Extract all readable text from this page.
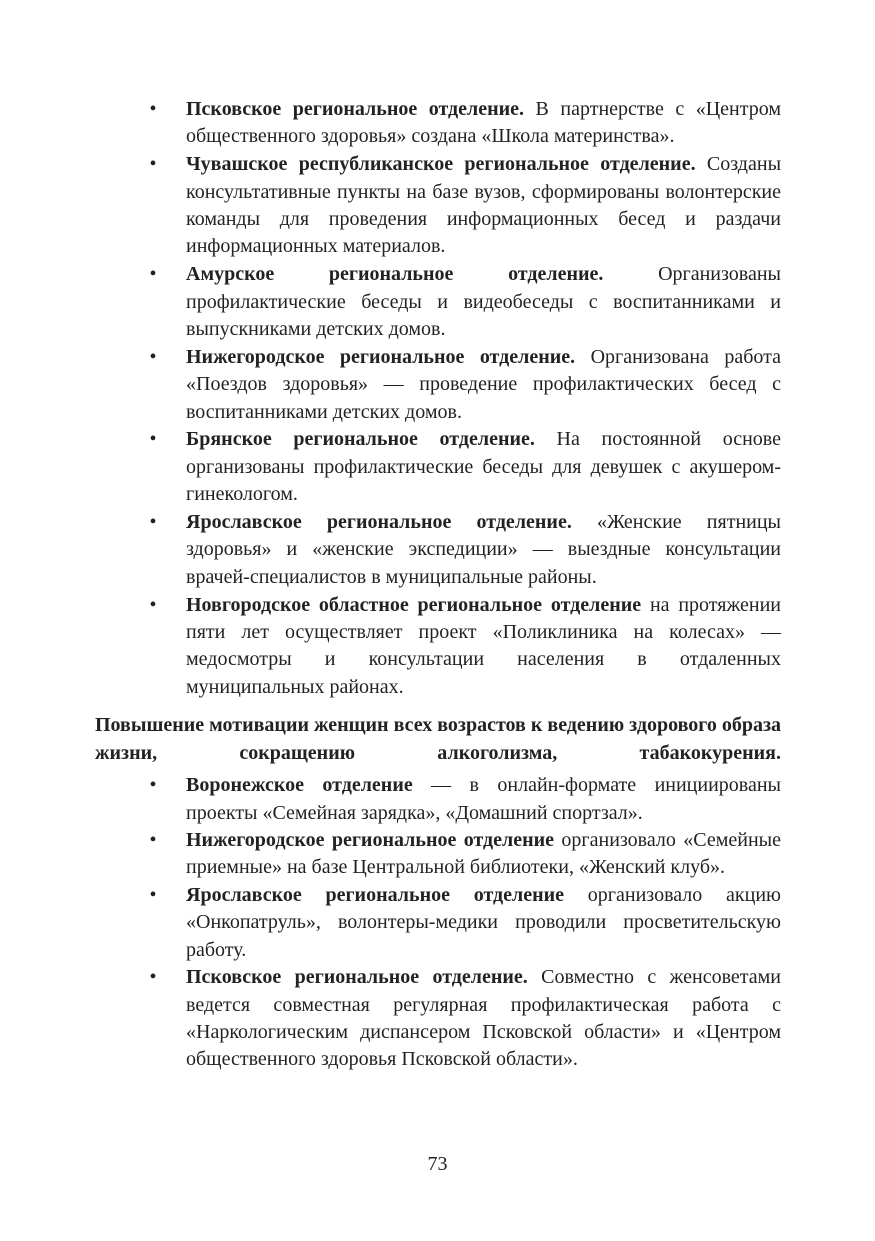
• Псковское региональное отделение. В партнерстве с «Центром общественного здоровья» создана «Школа материнства».
• Чувашское республиканское региональное отделение. Созданы консультативные пункты на базе вузов, сформированы волонтерские команды для проведения информационных бесед и раздачи информационных материалов.
• Амурское региональное отделение. Организованы профилактические беседы и видеобеседы с воспитанниками и выпускниками детских домов.
• Нижегородское региональное отделение. Организована работа «Поездов здоровья» — проведение профилактических бесед с воспитанниками детских домов.
• Брянское региональное отделение. На постоянной основе организованы профилактические беседы для девушек с акушером-гинекологом.
• Ярославское региональное отделение. «Женские пятницы здоровья» и «женские экспедиции» — выездные консультации врачей-специалистов в муниципальные районы.
• Новгородское областное региональное отделение на протяжении пяти лет осуществляет проект «Поликлиника на колесах» — медосмотры и консультации населения в отдаленных муниципальных районах.
Повышение мотивации женщин всех возрастов к ведению здорового образа жизни, сокращению алкоголизма, табакокурения.
• Воронежское отделение — в онлайн-формате инициированы проекты «Семейная зарядка», «Домашний спортзал».
• Нижегородское региональное отделение организовало «Семейные приемные» на базе Центральной библиотеки, «Женский клуб».
• Ярославское региональное отделение организовало акцию «Онкопатруль», волонтеры-медики проводили просветительскую работу.
• Псковское региональное отделение. Совместно с женсоветами ведется совместная регулярная профилактическая работа с «Наркологическим диспансером Псковской области» и «Центром общественного здоровья Псковской области».
73
